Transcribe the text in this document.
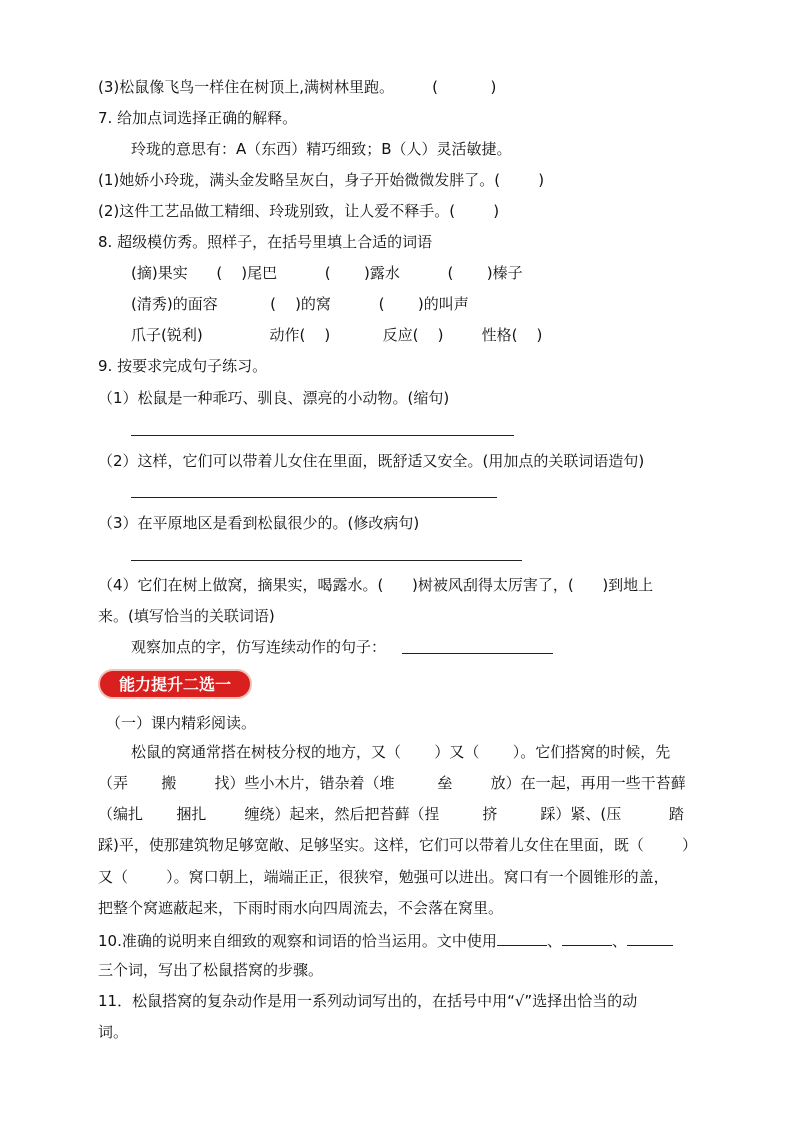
(3)松鼠像飞鸟一样住在树顶上,满树林里跑。        (           )
7. 给加点词选择正确的解释。
玲珑的意思有：A（东西）精巧细致；B（人）灵活敏捷。
(1)她娇小玲珑，满头金发略呈灰白，身子开始微微发胖了。(        )
(2)这件工艺品做工精细、玲珑别致，让人爱不释手。(        )
8. 超级模仿秀。照样子，在括号里填上合适的词语
(摘)果实      (    )尾巴          (       )露水          (       )榛子
(清秀)的面容           (    )的窝          (       )的叫声
爪子(锐利)              动作(    )           反应(    )        性格(    )
9. 按要求完成句子练习。
（1）松鼠是一种乖巧、驯良、漂亮的小动物。(缩句)
（2）这样，它们可以带着儿女住在里面，既舒适又安全。(用加点的关联词语造句)
（3）在平原地区是看到松鼠很少的。(修改病句)
（4）它们在树上做窝，摘果实，喝露水。(      )树被风刮得太厉害了，(      )到地上
来。(填写恰当的关联词语)
观察加点的字，仿写连续动作的句子：
能力提升二选一
（一）课内精彩阅读。
松鼠的窝通常搭在树枝分杈的地方，又（       ）又（       ）。它们搭窝的时候，先
（弄       搬        找）些小木片，错杂着（堆         垒        放）在一起，再用一些干苔藓
（编扎       捆扎        缠绕）起来，然后把苔藓（挰         挤         踩）紧、(压          踏
踩)平，使那建筑物足够宽敞、足够坚实。这样，它们可以带着儿女住在里面，既（        ）
又（        ）。窝口朝上，端端正正，很狭窄，勉强可以进出。窝口有一个圆锥形的盖，
把整个窝遮蔽起来，下雨时雨水向四周流去，不会落在窝里。
10.准确的说明来自细致的观察和词语的恰当运用。文中使用	、	、
三个词，写出了松鼠搭窝的步骤。
11．松鼠搭窝的复杂动作是用一系列动词写出的，在括号中用“√”选择出恰当的动
词。
